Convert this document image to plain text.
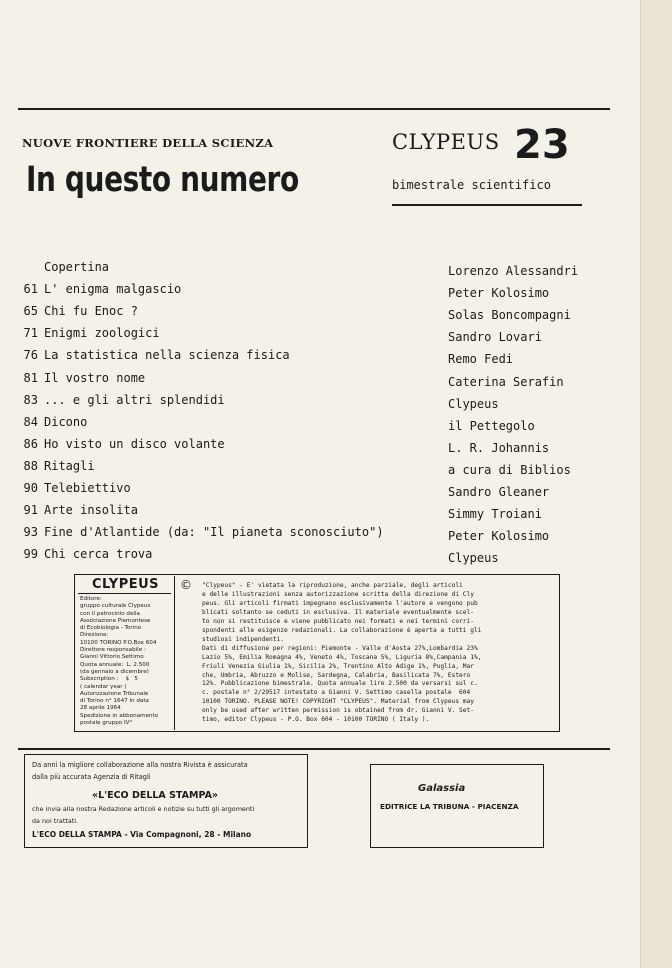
NUOVE FRONTIERE DELLA SCIENZA
In questo numero
CLYPEUS 23
bimestrale scientifico
Copertina	Lorenzo Alessandri
61 L' enigma malgascio	Peter Kolosimo
65 Chi fu Enoc ?	Solas Boncompagni
71 Enigmi zoologici	Sandro Lovari
76 La statistica nella scienza fisica	Remo Fedi
81 Il vostro nome	Caterina Serafin
83 ... e gli altri splendidi	Clypeus
84 Dicono	il Pettegolo
86 Ho visto un disco volante	L. R. Johannis
88 Ritagli	a cura di Biblios
90 Telebiettivo	Sandro Gleaner
91 Arte insolita	Simmy Troiani
93 Fine d'Atlantide (da: "Il pianeta sconosciuto")	Peter Kolosimo
99 Chi cerca trova	Clypeus
CLYPEUS
Editore:
gruppo culturale Clypeus
con il patrocinio della
Associazione Piemontese
di Ecobiologia - Torino
Direzione:
10100 TORINO P.O.Box 604
Direttore responsabile :
Gianni Vittorio Settimo
Quota annuale:  L. 2.500
(da gennaio a dicembre)
Subscription :    $   5
( calendar year )
Autorizzazione Tribunale
di Torino n° 1647 in data
28 aprile 1964
Spedizione in abbonamento
postale gruppo IV°
© "Clypeus" - E' vietata la riproduzione, anche parziale, degli articoli
e delle illustrazioni senza autorizzazione scritta della direzione di Cly
peus. Gli articoli firmati impegnano esclusivamente l'autore e vengono pub
blicati soltanto se ceduti in esclusiva. Il materiale eventualmente scel-
to non si restituisce e viene pubblicato nei formati e nei termini corri-
spondenti alle esigenze redazionali. La collaborazione è aperta a tutti gli
studiosi indipendenti.
Dati di diffusione per regioni: Piemonte - Valle d'Aosta 27%,Lombardia 23%
Lazio 5%, Emilia Romagna 4%, Veneto 4%, Toscana 5%, Liguria 8%,Campania 1%,
Friuli Venezia Giulia 1%, Sicilia 2%, Trentino Alto Adige 1%, Puglia, Mar
che, Umbria, Abruzzo e Molise, Sardegna, Calabria, Basilicata 7%, Estero
12%. Pubblicazione bimestrale. Quota annuale lire 2.500 da versarsi sul c.
c. postale n° 2/29517 intestato a Gianni V. Settimo casella postale  604
10100 TORINO. PLEASE NOTE! COPYRIGHT "CLYPEUS". Material from Clypeus may
only be used after written permission is obtained from dr. Gianni V. Set-
timo, editor Clypeus - P.O. Box 604 - 10100 TORINO ( Italy ).
Da anni la migliore collaborazione alla nostra Rivista è assicurata
dalla più accurata Agenzia di Ritagli
«L'ECO DELLA STAMPA»
che invia alla nostra Redazione articoli e notizie su tutti gli argomenti
da noi trattati.
L'ECO DELLA STAMPA - Via Compagnoni, 28 - Milano
Galassia
EDITRICE LA TRIBUNA - PIACENZA
